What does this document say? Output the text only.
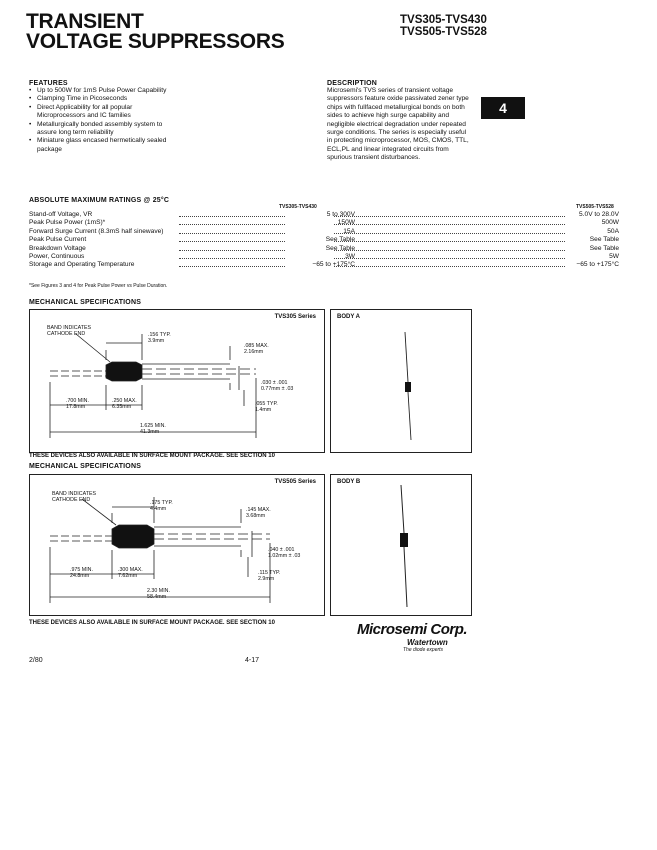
TRANSIENT
VOLTAGE SUPPRESSORS
TVS305-TVS430
TVS505-TVS528
4
FEATURES
• Up to 500W for 1mS Pulse Power Capability
• Clamping Time in Picoseconds
• Direct Applicability for all popular Microprocessors and IC families
• Metallurgically bonded assembly system to assure long term reliability
• Miniature glass encased hermetically sealed package
DESCRIPTION
Microsemi's TVS series of transient voltage suppressors feature oxide passivated zener type chips with fullfaced metallurgical bonds on both sides to achieve high surge capability and negligible electrical degradation under repeated surge conditions. The series is especially useful in protecting microprocessor, MOS, CMOS, TTL, ECL,PL and linear integrated circuits from spurious transient disturbances.
ABSOLUTE MAXIMUM RATINGS @ 25°C
TVS305-TVS430	TVS505-TVS528
Stand-off Voltage, VR	5 to 300V	5.0V to 28.0V
Peak Pulse Power (1mS)*	150W	500W
Forward Surge Current (8.3mS half sinewave)	15A	50A
Peak Pulse Current	See Table	See Table
Breakdown Voltage	See Table	See Table
Power, Continuous	3W	5W
Storage and Operating Temperature	−65 to +175°C	−65 to +175°C
*See Figures 3 and 4 for Peak Pulse Power vs Pulse Duration.
MECHANICAL SPECIFICATIONS
TVS305 Series
BAND INDICATES
CATHODE END	.156 TYP.
3.9mm
.085 MAX.
2.16mm
.030 ± .001
0.77mm ± .03
.055 TYP.
1.4mm
.700 MIN.
17.8mm
.250 MAX.
6.35mm
1.625 MIN.
41.3mm
BODY A
THESE DEVICES ALSO AVAILABLE IN SURFACE MOUNT PACKAGE. SEE SECTION 10
MECHANICAL SPECIFICATIONS
TVS505 Series
BAND INDICATES
CATHODE END	.175 TYP.
4.4mm	.145 MAX.
3.68mm
.040 ± .001
1.02mm ± .03
.115 TYP.
2.9mm
.975 MIN.
24.8mm
.300 MAX.
7.62mm
2.30 MIN.
58.4mm
BODY B
THESE DEVICES ALSO AVAILABLE IN SURFACE MOUNT PACKAGE. SEE SECTION 10	Microsemi Corp.
Watertown
The diode experts
2/80	4-17
